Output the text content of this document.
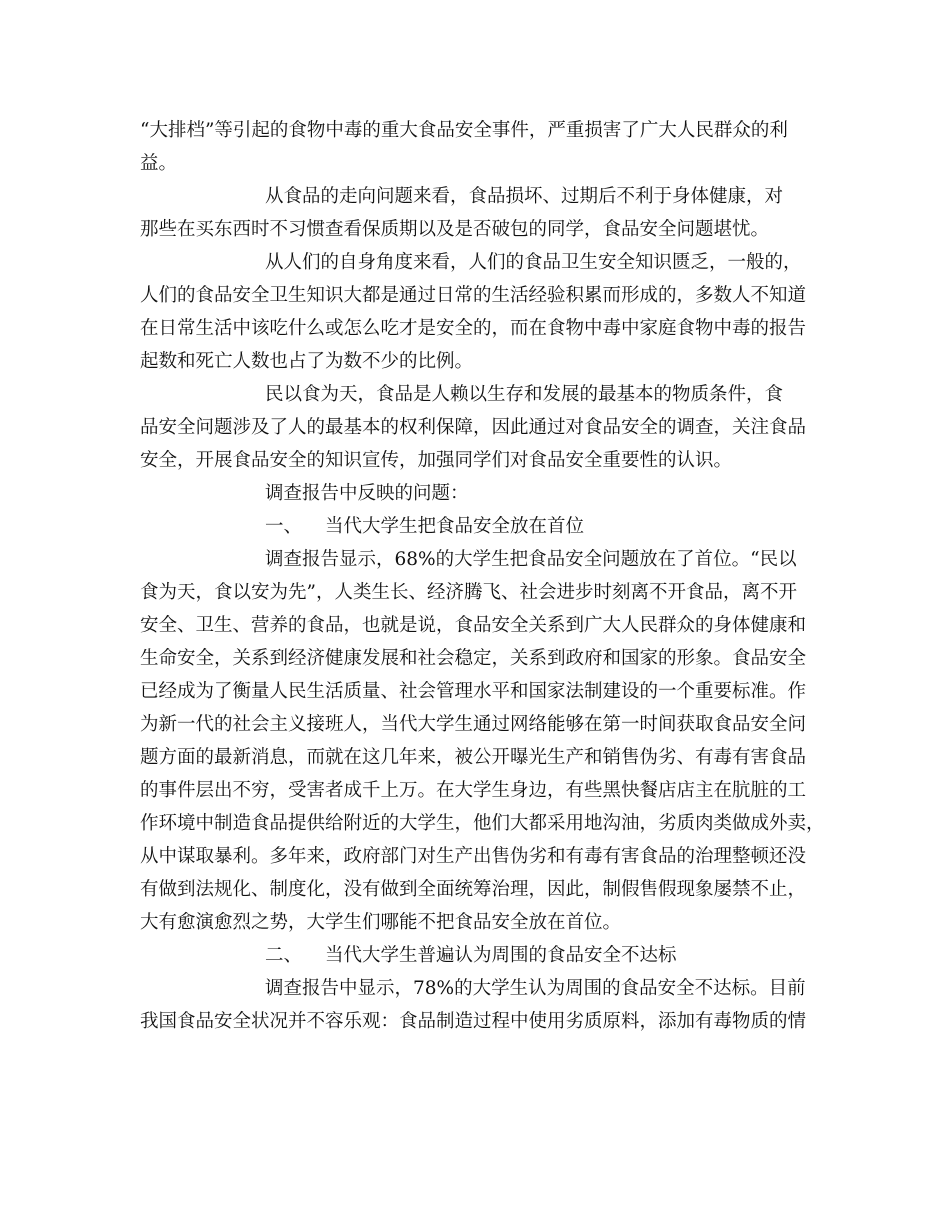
“大排档”等引起的食物中毒的重大食品安全事件，严重损害了广大人民群众的利
益。
从食品的走向问题来看，食品损坏、过期后不利于身体健康，对
那些在买东西时不习惯查看保质期以及是否破包的同学，食品安全问题堪忧。
从人们的自身角度来看，人们的食品卫生安全知识匮乏，一般的，
人们的食品安全卫生知识大都是通过日常的生活经验积累而形成的，多数人不知道
在日常生活中该吃什么或怎么吃才是安全的，而在食物中毒中家庭食物中毒的报告
起数和死亡人数也占了为数不少的比例。
民以食为天，食品是人赖以生存和发展的最基本的物质条件，食
品安全问题涉及了人的最基本的权利保障，因此通过对食品安全的调查，关注食品
安全，开展食品安全的知识宣传，加强同学们对食品安全重要性的认识。
调查报告中反映的问题：
一、 当代大学生把食品安全放在首位
调查报告显示，68%的大学生把食品安全问题放在了首位。“民以
食为天，食以安为先”，人类生长、经济腾飞、社会进步时刻离不开食品，离不开
安全、卫生、营养的食品，也就是说，食品安全关系到广大人民群众的身体健康和
生命安全，关系到经济健康发展和社会稳定，关系到政府和国家的形象。食品安全
已经成为了衡量人民生活质量、社会管理水平和国家法制建设的一个重要标准。作
为新一代的社会主义接班人，当代大学生通过网络能够在第一时间获取食品安全问
题方面的最新消息，而就在这几年来，被公开曝光生产和销售伪劣、有毒有害食品
的事件层出不穷，受害者成千上万。在大学生身边，有些黑快餐店店主在肮脏的工
作环境中制造食品提供给附近的大学生，他们大都采用地沟油，劣质肉类做成外卖，
从中谋取暴利。多年来，政府部门对生产出售伪劣和有毒有害食品的治理整顿还没
有做到法规化、制度化，没有做到全面统筹治理，因此，制假售假现象屡禁不止，
大有愈演愈烈之势，大学生们哪能不把食品安全放在首位。
二、 当代大学生普遍认为周围的食品安全不达标
调查报告中显示，78%的大学生认为周围的食品安全不达标。目前
我国食品安全状况并不容乐观：食品制造过程中使用劣质原料，添加有毒物质的情
